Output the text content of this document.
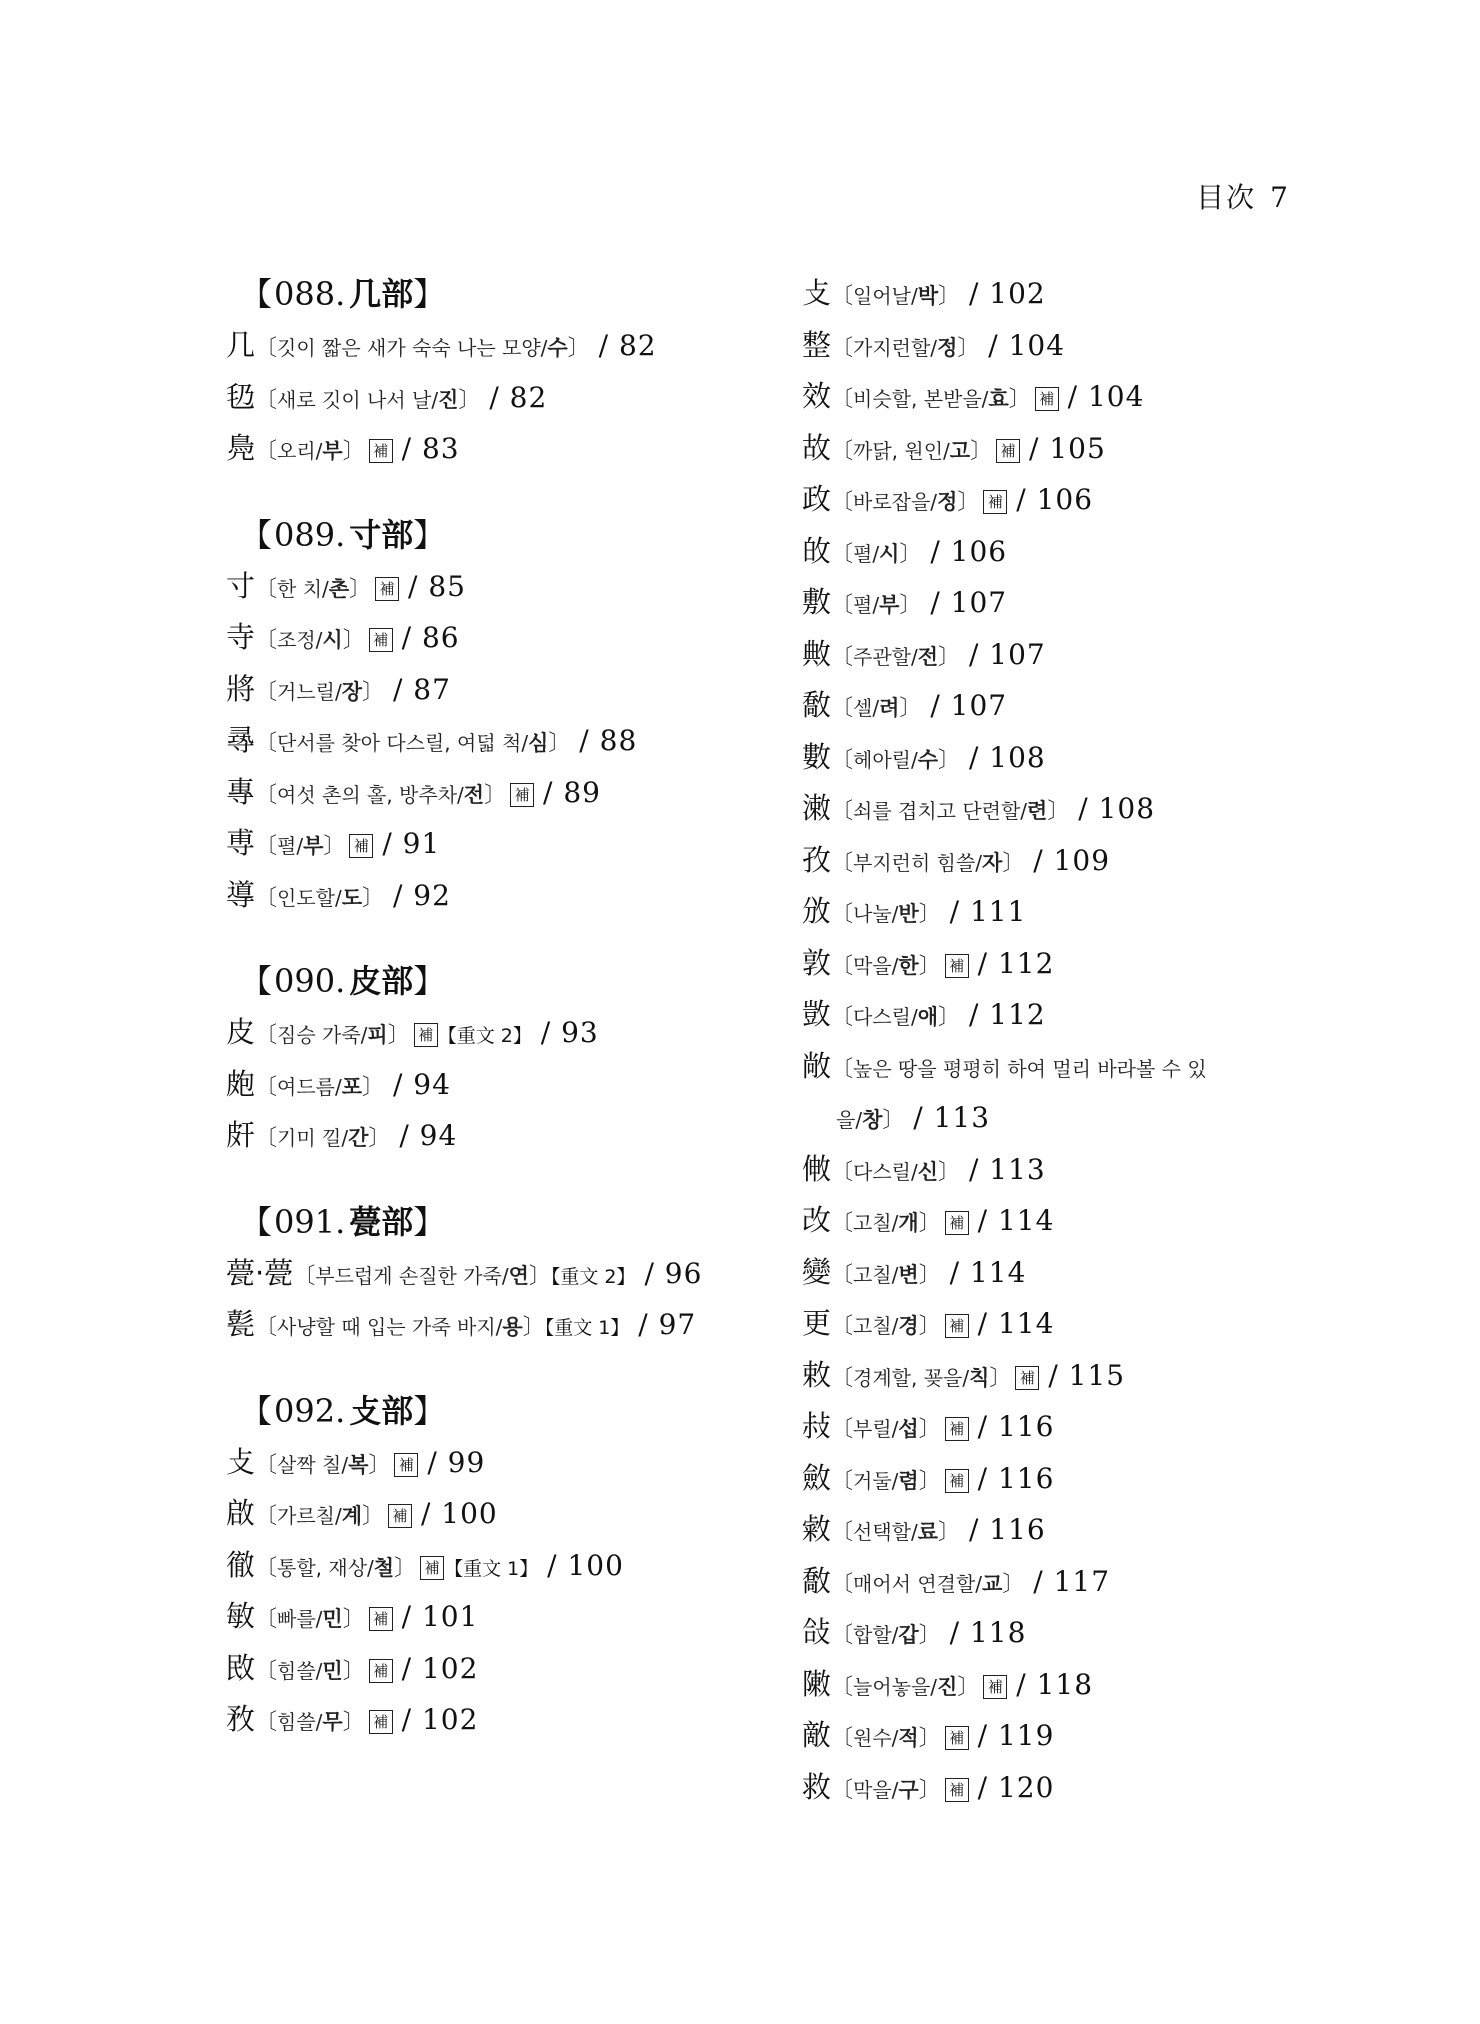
目次 7
【088. 几部】
几〔깃이 짧은 새가 숙숙 나는 모양/수〕 / 82
㲌〔새로 깃이 나서 날/진〕 / 82
鳧〔오리/부〕 補 / 83
【089. 寸部】
寸〔한 치/촌〕 補 / 85
寺〔조정/시〕 補 / 86
將〔거느릴/장〕 / 87
㝷〔단서를 찾아 다스릴, 여덟 척/심〕 / 88
專〔여섯 촌의 홀, 방추차/전〕 補 / 89
尃〔펼/부〕 補 / 91
導〔인도할/도〕 / 92
【090. 皮部】
皮〔짐승 가죽/피〕 補 【重文 2】 / 93
皰〔여드름/포〕 / 94
皯〔기미 낄/간〕 / 94
【091. 甍部】
甍·甍〔부드럽게 손질한 가죽/연〕【重文 2】 / 96
甏〔사냥할 때 입는 가죽 바지/용〕【重文 1】 / 97
【092. 攴部】
攴〔살짝 칠/복〕 補 / 99
啟〔가르칠/계〕 補 / 100
徹〔통할, 재상/철〕 補 【重文 1】 / 100
敏〔빠를/민〕 補 / 101
敃〔힘쓸/민〕 補 / 102
敄〔힘쓸/무〕 補 / 102
攴〔일어날/박〕 / 102
整〔가지런할/정〕 / 104
效〔비슷할, 본받을/효〕 補 / 104
故〔까닭, 원인/고〕 補 / 105
政〔바로잡을/정〕 補 / 106
敀〔펼/시〕 / 106
敷〔펼/부〕 / 107
敟〔주관할/전〕 / 107
敿〔셀/려〕 / 107
數〔헤아릴/수〕 / 108
潄〔쇠를 겹치고 단련할/련〕 / 108
孜〔부지런히 힘쓸/자〕 / 109
攽〔나눌/반〕 / 111
敦〔막을/한〕 補 / 112
敳〔다스릴/애〕 / 112
敞〔높은 땅을 평평히 하여 멀리 바라볼 수 있
을/창〕 / 113
敒〔다스릴/신〕 / 113
改〔고칠/개〕 補 / 114
變〔고칠/변〕 / 114
更〔고칠/경〕 補 / 114
敕〔경계할, 꾲을/칙〕 補 / 115
敊〔부릴/섭〕 補 / 116
斂〔거둘/렴〕 補 / 116
敹〔선택할/료〕 / 116
敿〔매어서 연결할/교〕 / 117
敆〔합할/갑〕 / 118
敶〔늘어놓을/진〕 補 / 118
敵〔원수/적〕 補 / 119
救〔막을/구〕 補 / 120
